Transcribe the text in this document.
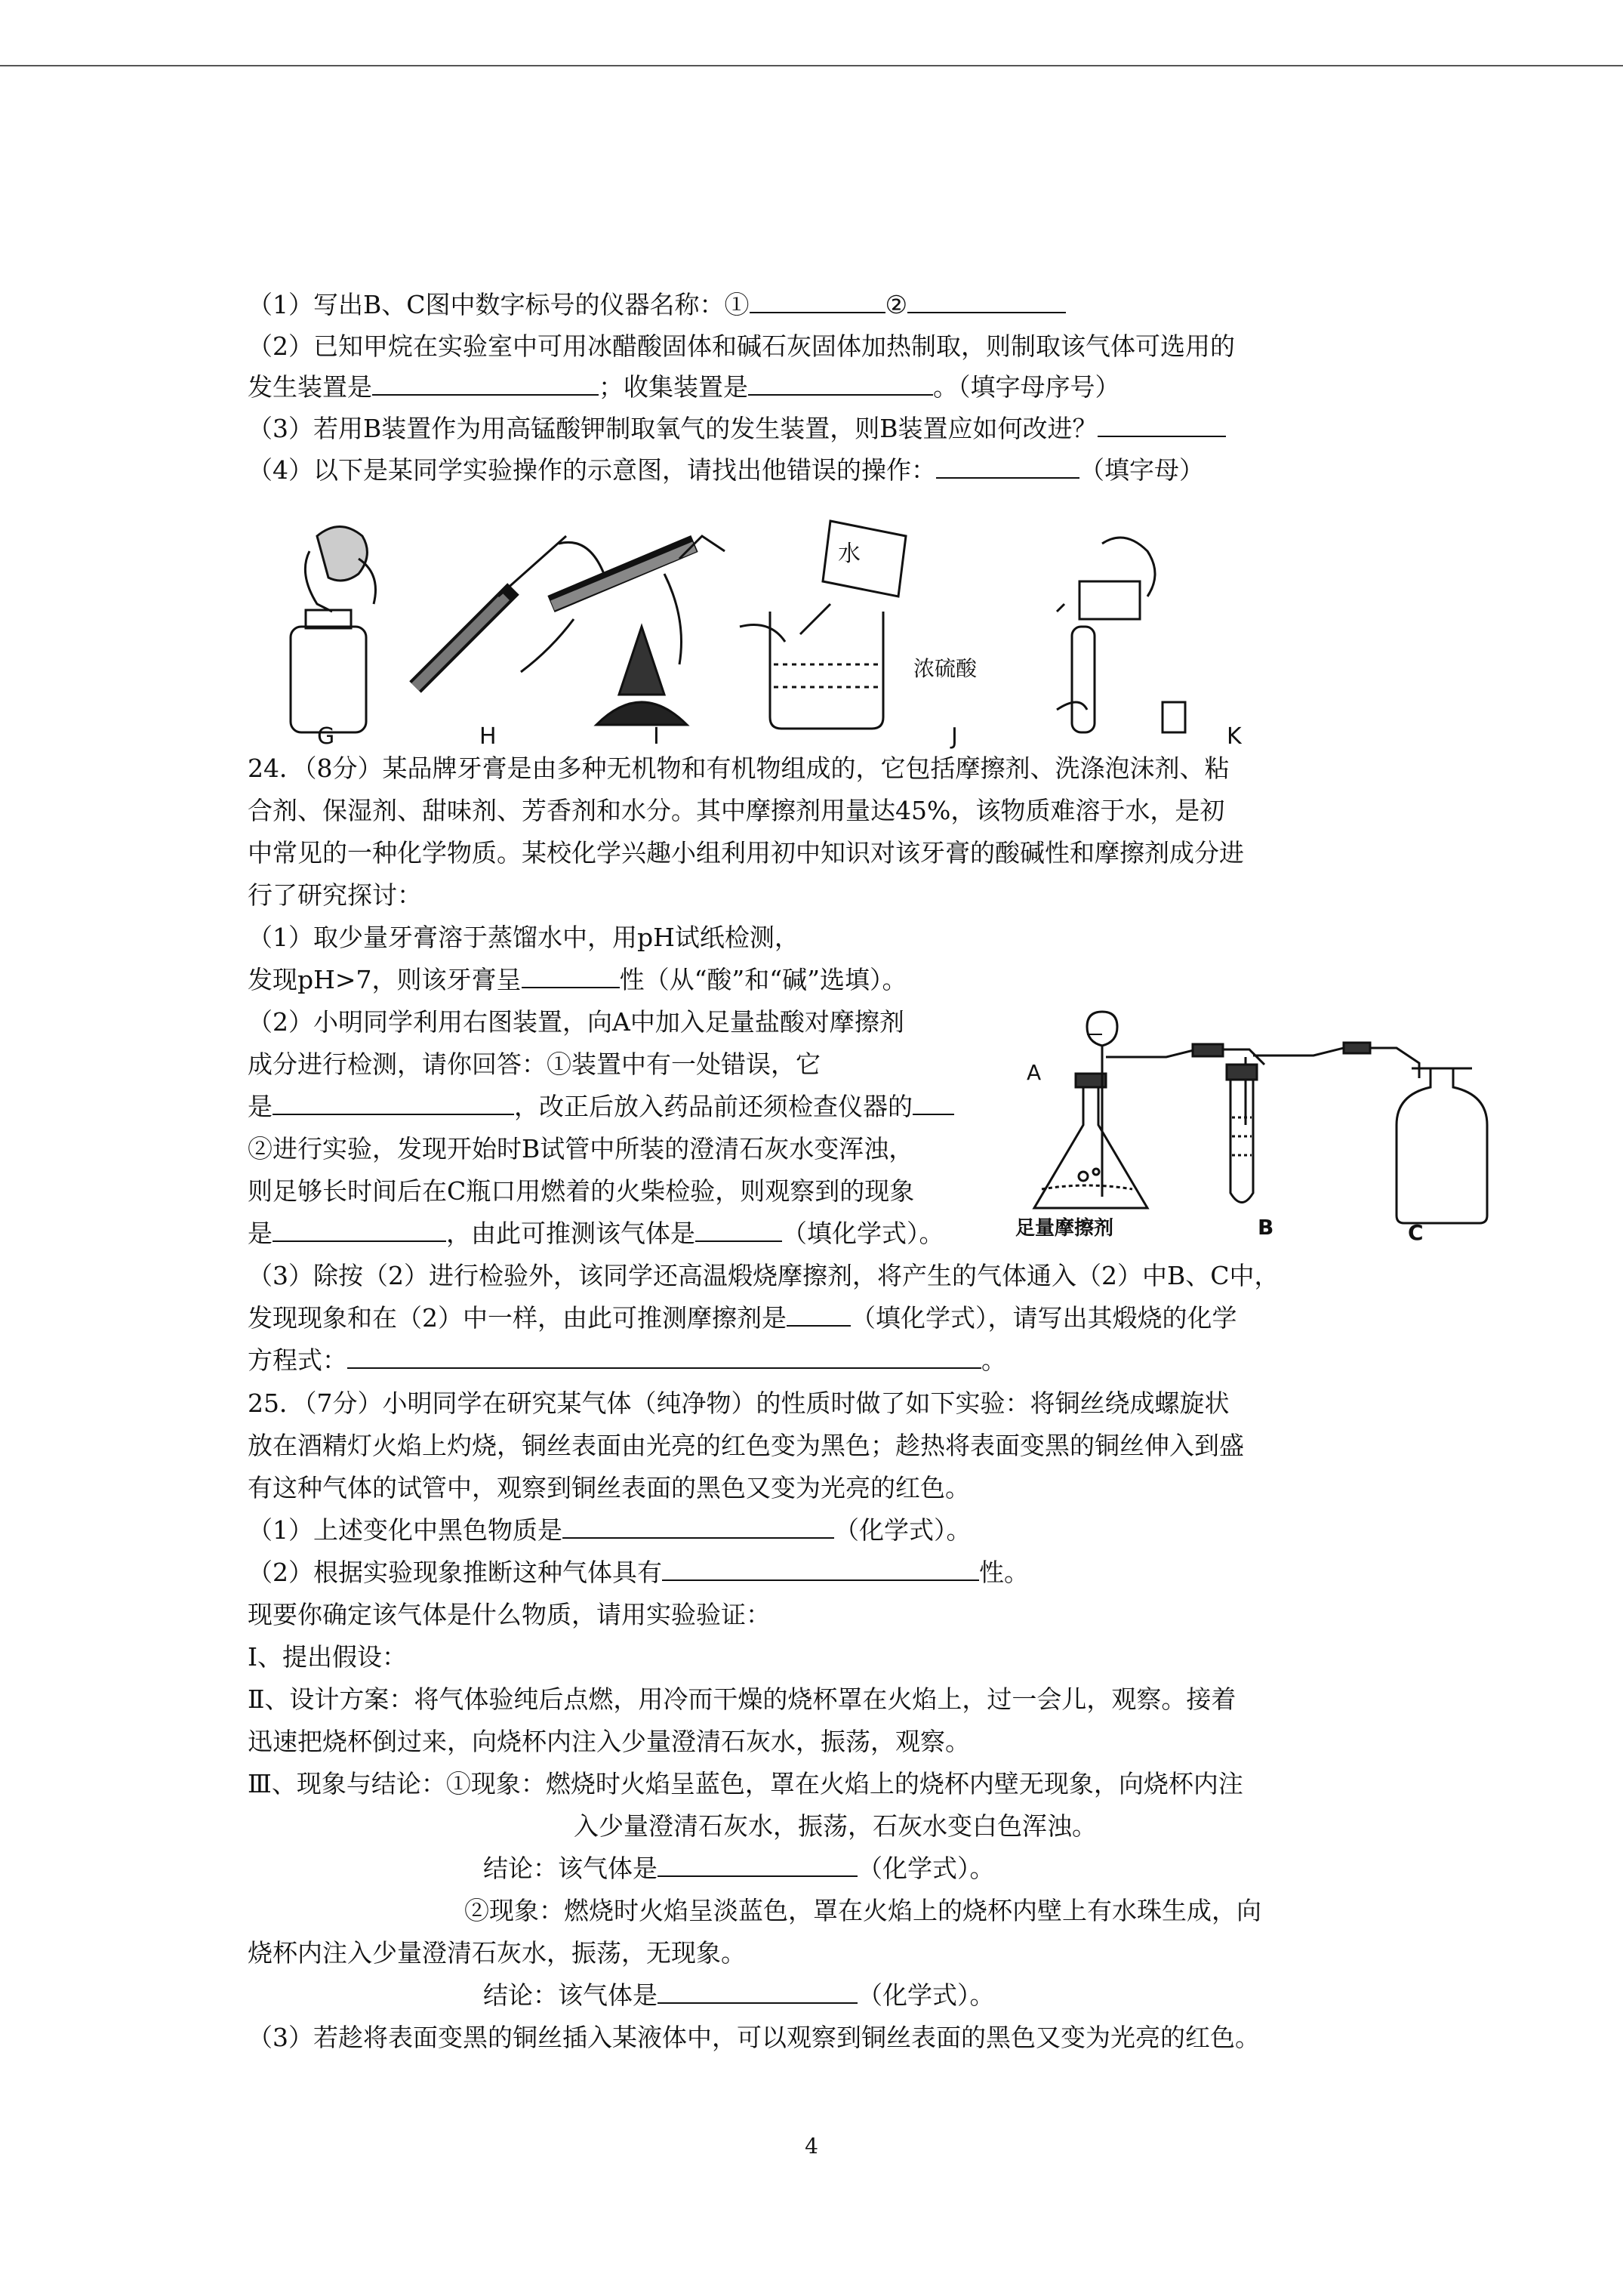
（1）写出B、C图中数字标号的仪器名称：①	②
（2）已知甲烷在实验室中可用冰醋酸固体和碱石灰固体加热制取，则制取该气体可选用的
发生装置是	；收集装置是	。（填字母序号）
（3）若用B装置作为用高锰酸钾制取氧气的发生装置，则B装置应如何改进？
（4）以下是某同学实验操作的示意图，请找出他错误的操作：	（填字母）
水
浓硫酸
G	H	I	J	K
24．（8分）某品牌牙膏是由多种无机物和有机物组成的，它包括摩擦剂、洗涤泡沫剂、粘
合剂、保湿剂、甜味剂、芳香剂和水分。其中摩擦剂用量达45%，该物质难溶于水，是初
中常见的一种化学物质。某校化学兴趣小组利用初中知识对该牙膏的酸碱性和摩擦剂成分进
行了研究探讨：
（1）取少量牙膏溶于蒸馏水中，用pH试纸检测，
发现pH>7，则该牙膏呈	性（从“酸”和“碱”选填）。
（2）小明同学利用右图装置，向A中加入足量盐酸对摩擦剂
成分进行检测，请你回答：①装置中有一处错误，它
是	，改正后放入药品前还须检查仪器的
②进行实验，发现开始时B试管中所装的澄清石灰水变浑浊，
则足够长时间后在C瓶口用燃着的火柴检验，则观察到的现象
是	，由此可推测该气体是	（填化学式）。
（3）除按（2）进行检验外，该同学还高温煅烧摩擦剂，将产生的气体通入（2）中B、C中，
发现现象和在（2）中一样，由此可推测摩擦剂是	（填化学式），请写出其煅烧的化学
方程式：	。
A
足量摩擦剂	B	C
25．（7分）小明同学在研究某气体（纯净物）的性质时做了如下实验：将铜丝绕成螺旋状
放在酒精灯火焰上灼烧，铜丝表面由光亮的红色变为黑色；趁热将表面变黑的铜丝伸入到盛
有这种气体的试管中，观察到铜丝表面的黑色又变为光亮的红色。
（1）上述变化中黑色物质是	（化学式）。
（2）根据实验现象推断这种气体具有	性。
现要你确定该气体是什么物质，请用实验验证：
Ⅰ、提出假设：
Ⅱ、设计方案：将气体验纯后点燃，用冷而干燥的烧杯罩在火焰上，过一会儿，观察。接着
迅速把烧杯倒过来，向烧杯内注入少量澄清石灰水，振荡，观察。
Ⅲ、现象与结论：①现象：燃烧时火焰呈蓝色，罩在火焰上的烧杯内壁无现象，向烧杯内注
入少量澄清石灰水，振荡，石灰水变白色浑浊。
结论：该气体是	（化学式）。
②现象：燃烧时火焰呈淡蓝色，罩在火焰上的烧杯内壁上有水珠生成，向
烧杯内注入少量澄清石灰水，振荡，无现象。
结论：该气体是	（化学式）。
（3）若趁将表面变黑的铜丝插入某液体中，可以观察到铜丝表面的黑色又变为光亮的红色。
4
